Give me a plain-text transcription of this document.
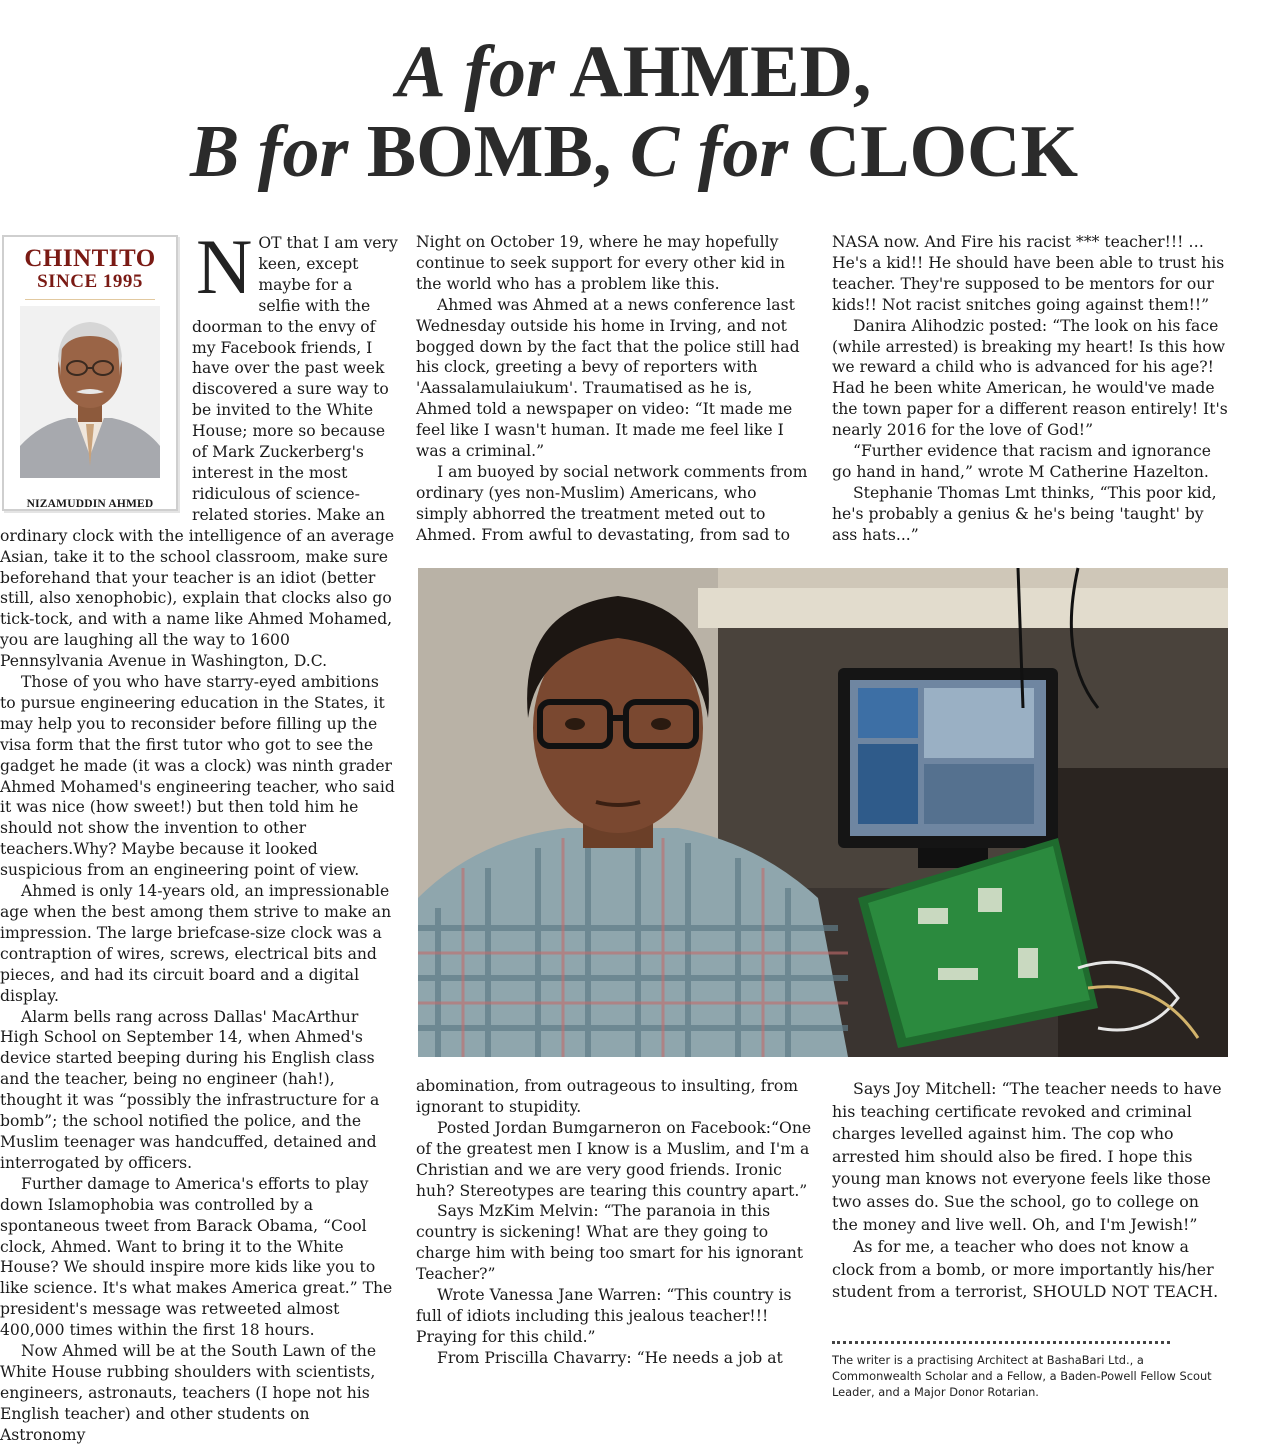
A for AHMED,
B for BOMB, C for CLOCK
CHINTITO
SINCE 1995
NIZAMUDDIN AHMED
N OT that I am very keen, except maybe for a selfie with the doorman to the envy of my Facebook friends, I have over the past week discovered a sure way to be invited to the White House; more so because of Mark Zuckerberg's interest in the most ridiculous of science-related stories. Make an ordinary clock with the intelligence of an average Asian, take it to the school classroom, make sure beforehand that your teacher is an idiot (better still, also xenophobic), explain that clocks also go tick-tock, and with a name like Ahmed Mohamed, you are laughing all the way to 1600 Pennsylvania Avenue in Washington, D.C.

Those of you who have starry-eyed ambitions to pursue engineering education in the States, it may help you to reconsider before filling up the visa form that the first tutor who got to see the gadget he made (it was a clock) was ninth grader Ahmed Mohamed's engineering teacher, who said it was nice (how sweet!) but then told him he should not show the invention to other teachers.Why? Maybe because it looked suspicious from an engineering point of view.

Ahmed is only 14-years old, an impressionable age when the best among them strive to make an impression. The large briefcase-size clock was a contraption of wires, screws, electrical bits and pieces, and had its circuit board and a digital display.

Alarm bells rang across Dallas' MacArthur High School on September 14, when Ahmed's device started beeping during his English class and the teacher, being no engineer (hah!), thought it was “possibly the infrastructure for a bomb”; the school notified the police, and the Muslim teenager was handcuffed, detained and interrogated by officers.

Further damage to America's efforts to play down Islamophobia was controlled by a spontaneous tweet from Barack Obama, “Cool clock, Ahmed. Want to bring it to the White House? We should inspire more kids like you to like science. It's what makes America great.” The president's message was retweeted almost 400,000 times within the first 18 hours.

Now Ahmed will be at the South Lawn of the White House rubbing shoulders with scientists, engineers, astronauts, teachers (I hope not his English teacher) and other students on Astronomy

Night on October 19, where he may hopefully continue to seek support for every other kid in the world who has a problem like this.

Ahmed was Ahmed at a news conference last Wednesday outside his home in Irving, and not bogged down by the fact that the police still had his clock, greeting a bevy of reporters with 'Aassalamulaiukum'. Traumatised as he is, Ahmed told a newspaper on video: “It made me feel like I wasn't human. It made me feel like I was a criminal.”

I am buoyed by social network comments from ordinary (yes non-Muslim) Americans, who simply abhorred the treatment meted out to Ahmed. From awful to devastating, from sad to

NASA now. And Fire his racist *** teacher!!! … He's a kid!! He should have been able to trust his teacher. They're supposed to be mentors for our kids!! Not racist snitches going against them!!”

Danira Alihodzic posted: “The look on his face (while arrested) is breaking my heart! Is this how we reward a child who is advanced for his age?! Had he been white American, he would've made the town paper for a different reason entirely! It's nearly 2016 for the love of God!”

“Further evidence that racism and ignorance go hand in hand,” wrote M Catherine Hazelton.

Stephanie Thomas Lmt thinks, “This poor kid, he's probably a genius & he's being 'taught' by ass hats...”

abomination, from outrageous to insulting, from ignorant to stupidity.

Posted Jordan Bumgarneron on Facebook:“One of the greatest men I know is a Muslim, and I'm a Christian and we are very good friends. Ironic huh? Stereotypes are tearing this country apart.”

Says MzKim Melvin: “The paranoia in this country is sickening! What are they going to charge him with being too smart for his ignorant Teacher?”

Wrote Vanessa Jane Warren: “This country is full of idiots including this jealous teacher!!! Praying for this child.”

From Priscilla Chavarry: “He needs a job at

Says Joy Mitchell: “The teacher needs to have his teaching certificate revoked and criminal charges levelled against him. The cop who arrested him should also be fired. I hope this young man knows not everyone feels like those two asses do. Sue the school, go to college on the money and live well. Oh, and I'm Jewish!”

As for me, a teacher who does not know a clock from a bomb, or more importantly his/her student from a terrorist, SHOULD NOT TEACH.

The writer is a practising Architect at BashaBari Ltd., a Commonwealth Scholar and a Fellow, a Baden-Powell Fellow Scout Leader, and a Major Donor Rotarian.
